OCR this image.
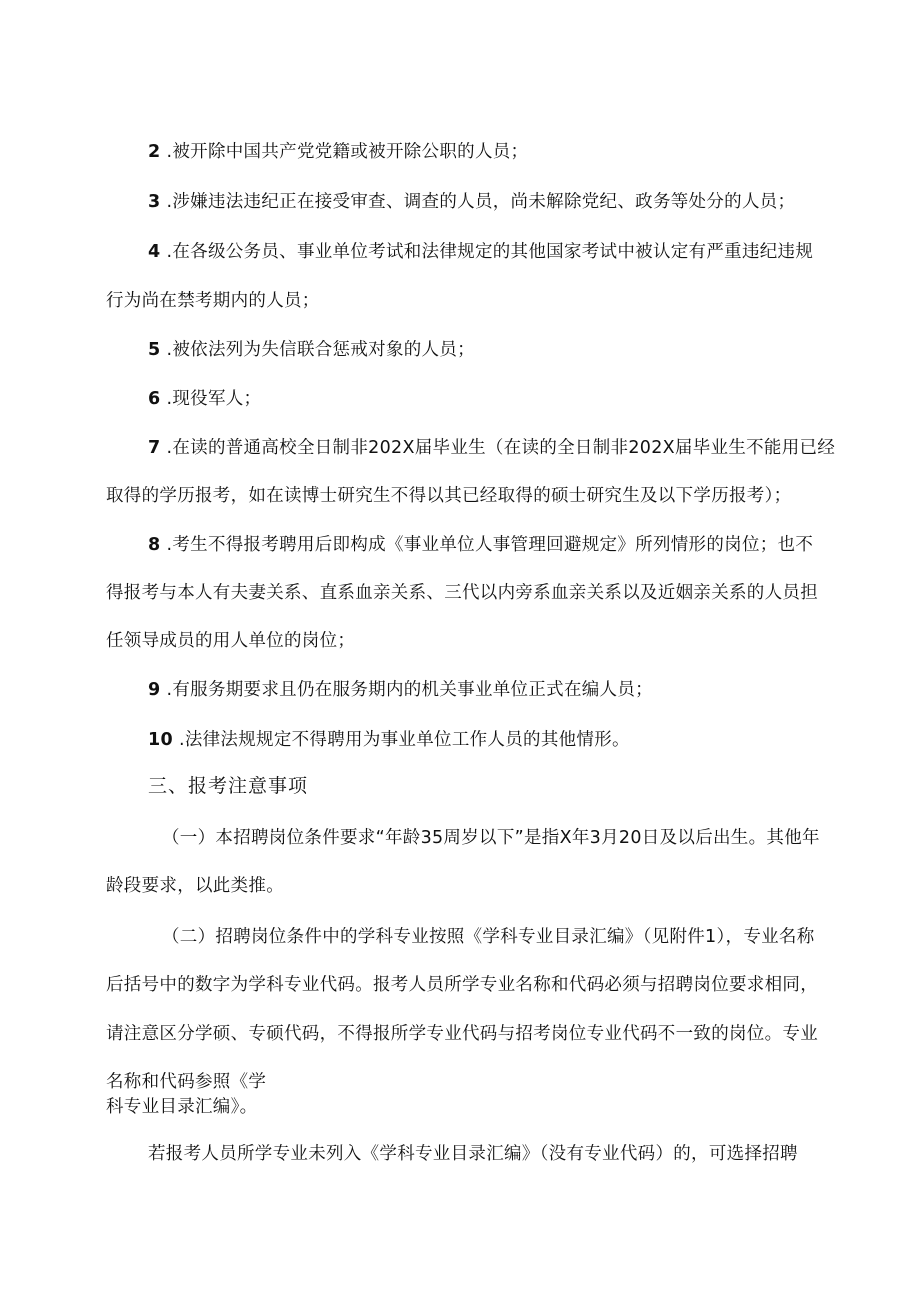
2 .被开除中国共产党党籍或被开除公职的人员；
3 .涉嫌违法违纪正在接受审查、调查的人员，尚未解除党纪、政务等处分的人员；
4 .在各级公务员、事业单位考试和法律规定的其他国家考试中被认定有严重违纪违规
行为尚在禁考期内的人员；
5 .被依法列为失信联合惩戒对象的人员；
6 .现役军人；
7 .在读的普通高校全日制非202X届毕业生（在读的全日制非202X届毕业生不能用已经
取得的学历报考，如在读博士研究生不得以其已经取得的硕士研究生及以下学历报考）；
8 .考生不得报考聘用后即构成《事业单位人事管理回避规定》所列情形的岗位；也不
得报考与本人有夫妻关系、直系血亲关系、三代以内旁系血亲关系以及近姻亲关系的人员担
任领导成员的用人单位的岗位；
9 .有服务期要求且仍在服务期内的机关事业单位正式在编人员；
10 .法律法规规定不得聘用为事业单位工作人员的其他情形。
三、报考注意事项
（一）本招聘岗位条件要求“年龄35周岁以下”是指X年3月20日及以后出生。其他年
龄段要求，以此类推。
（二）招聘岗位条件中的学科专业按照《学科专业目录汇编》（见附件1），专业名称
后括号中的数字为学科专业代码。报考人员所学专业名称和代码必须与招聘岗位要求相同，
请注意区分学硕、专硕代码，不得报所学专业代码与招考岗位专业代码不一致的岗位。专业
名称和代码参照《学
科专业目录汇编》。
若报考人员所学专业未列入《学科专业目录汇编》（没有专业代码）的，可选择招聘
